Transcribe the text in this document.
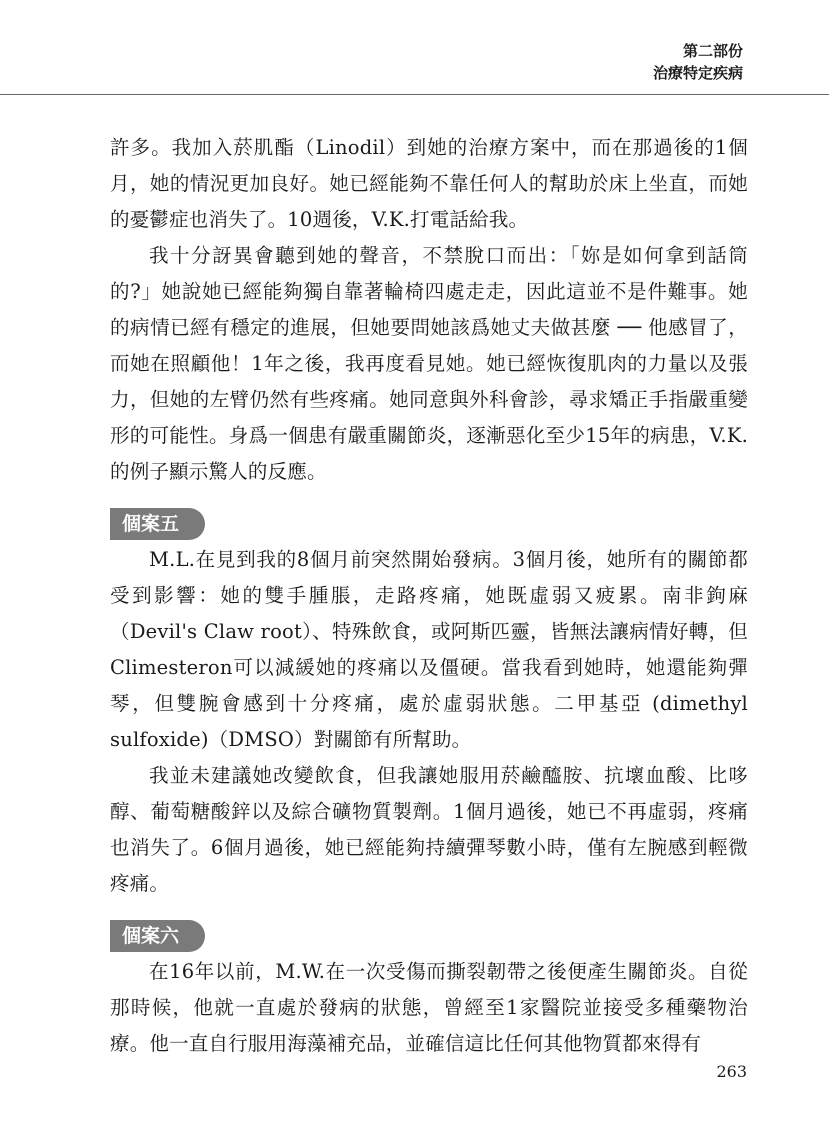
第二部份
治療特定疾病

許多。我加入菸肌酯（Linodil）到她的治療方案中，而在那過後的1個月，她的情況更加良好。她已經能夠不靠任何人的幫助於床上坐直，而她的憂鬱症也消失了。10週後，V.K.打電話給我。

我十分訝異會聽到她的聲音，不禁脫口而出：「妳是如何拿到話筒的?」她說她已經能夠獨自靠著輪椅四處走走，因此這並不是件難事。她的病情已經有穩定的進展，但她要問她該爲她丈夫做甚麼 ── 他感冒了，而她在照顧他！1年之後，我再度看見她。她已經恢復肌肉的力量以及張力，但她的左臂仍然有些疼痛。她同意與外科會診，尋求矯正手指嚴重變形的可能性。身爲一個患有嚴重關節炎，逐漸惡化至少15年的病患，V.K.的例子顯示驚人的反應。

個案五

M.L.在見到我的8個月前突然開始發病。3個月後，她所有的關節都受到影響：她的雙手腫脹，走路疼痛，她既虛弱又疲累。南非鉤麻（Devil's Claw root）、特殊飲食，或阿斯匹靈，皆無法讓病情好轉，但Climesteron可以減緩她的疼痛以及僵硬。當我看到她時，她還能夠彈琴，但雙腕會感到十分疼痛，處於虛弱狀態。二甲基亞 (dimethyl sulfoxide)（DMSO）對關節有所幫助。

我並未建議她改變飲食，但我讓她服用菸鹼醯胺、抗壞血酸、比哆醇、葡萄糖酸鋅以及綜合礦物質製劑。1個月過後，她已不再虛弱，疼痛也消失了。6個月過後，她已經能夠持續彈琴數小時，僅有左腕感到輕微疼痛。

個案六

在16年以前，M.W.在一次受傷而撕裂韌帶之後便產生關節炎。自從那時候，他就一直處於發病的狀態，曾經至1家醫院並接受多種藥物治療。他一直自行服用海藻補充品，並確信這比任何其他物質都來得有

263
